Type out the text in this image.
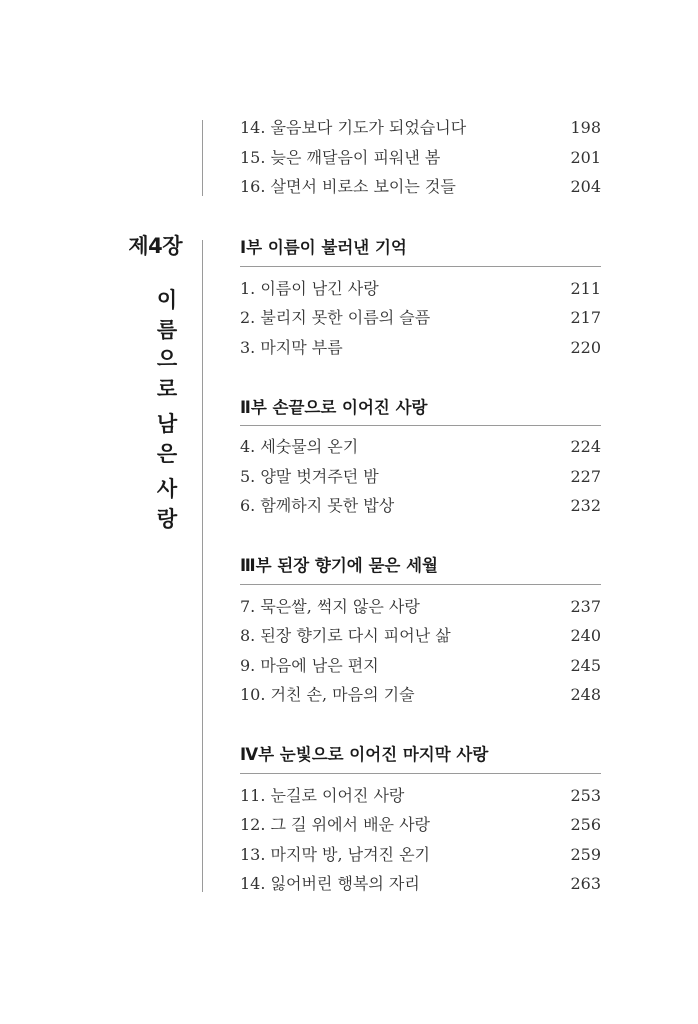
제4장
이
름
으
로
남
은
사
랑
14. 울음보다 기도가 되었습니다	198
15. 늦은 깨달음이 피워낸 봄	201
16. 살면서 비로소 보이는 것들	204
Ⅰ부 이름이 불러낸 기억
1. 이름이 남긴 사랑	211
2. 불리지 못한 이름의 슬픔	217
3. 마지막 부름	220
Ⅱ부 손끝으로 이어진 사랑
4. 세숫물의 온기	224
5. 양말 벗겨주던 밤	227
6. 함께하지 못한 밥상	232
Ⅲ부 된장 향기에 묻은 세월
7. 묵은쌀, 썩지 않은 사랑	237
8. 된장 향기로 다시 피어난 삶	240
9. 마음에 남은 편지	245
10. 거친 손, 마음의 기술	248
Ⅳ부 눈빛으로 이어진 마지막 사랑
11. 눈길로 이어진 사랑	253
12. 그 길 위에서 배운 사랑	256
13. 마지막 방, 남겨진 온기	259
14. 잃어버린 행복의 자리	263
